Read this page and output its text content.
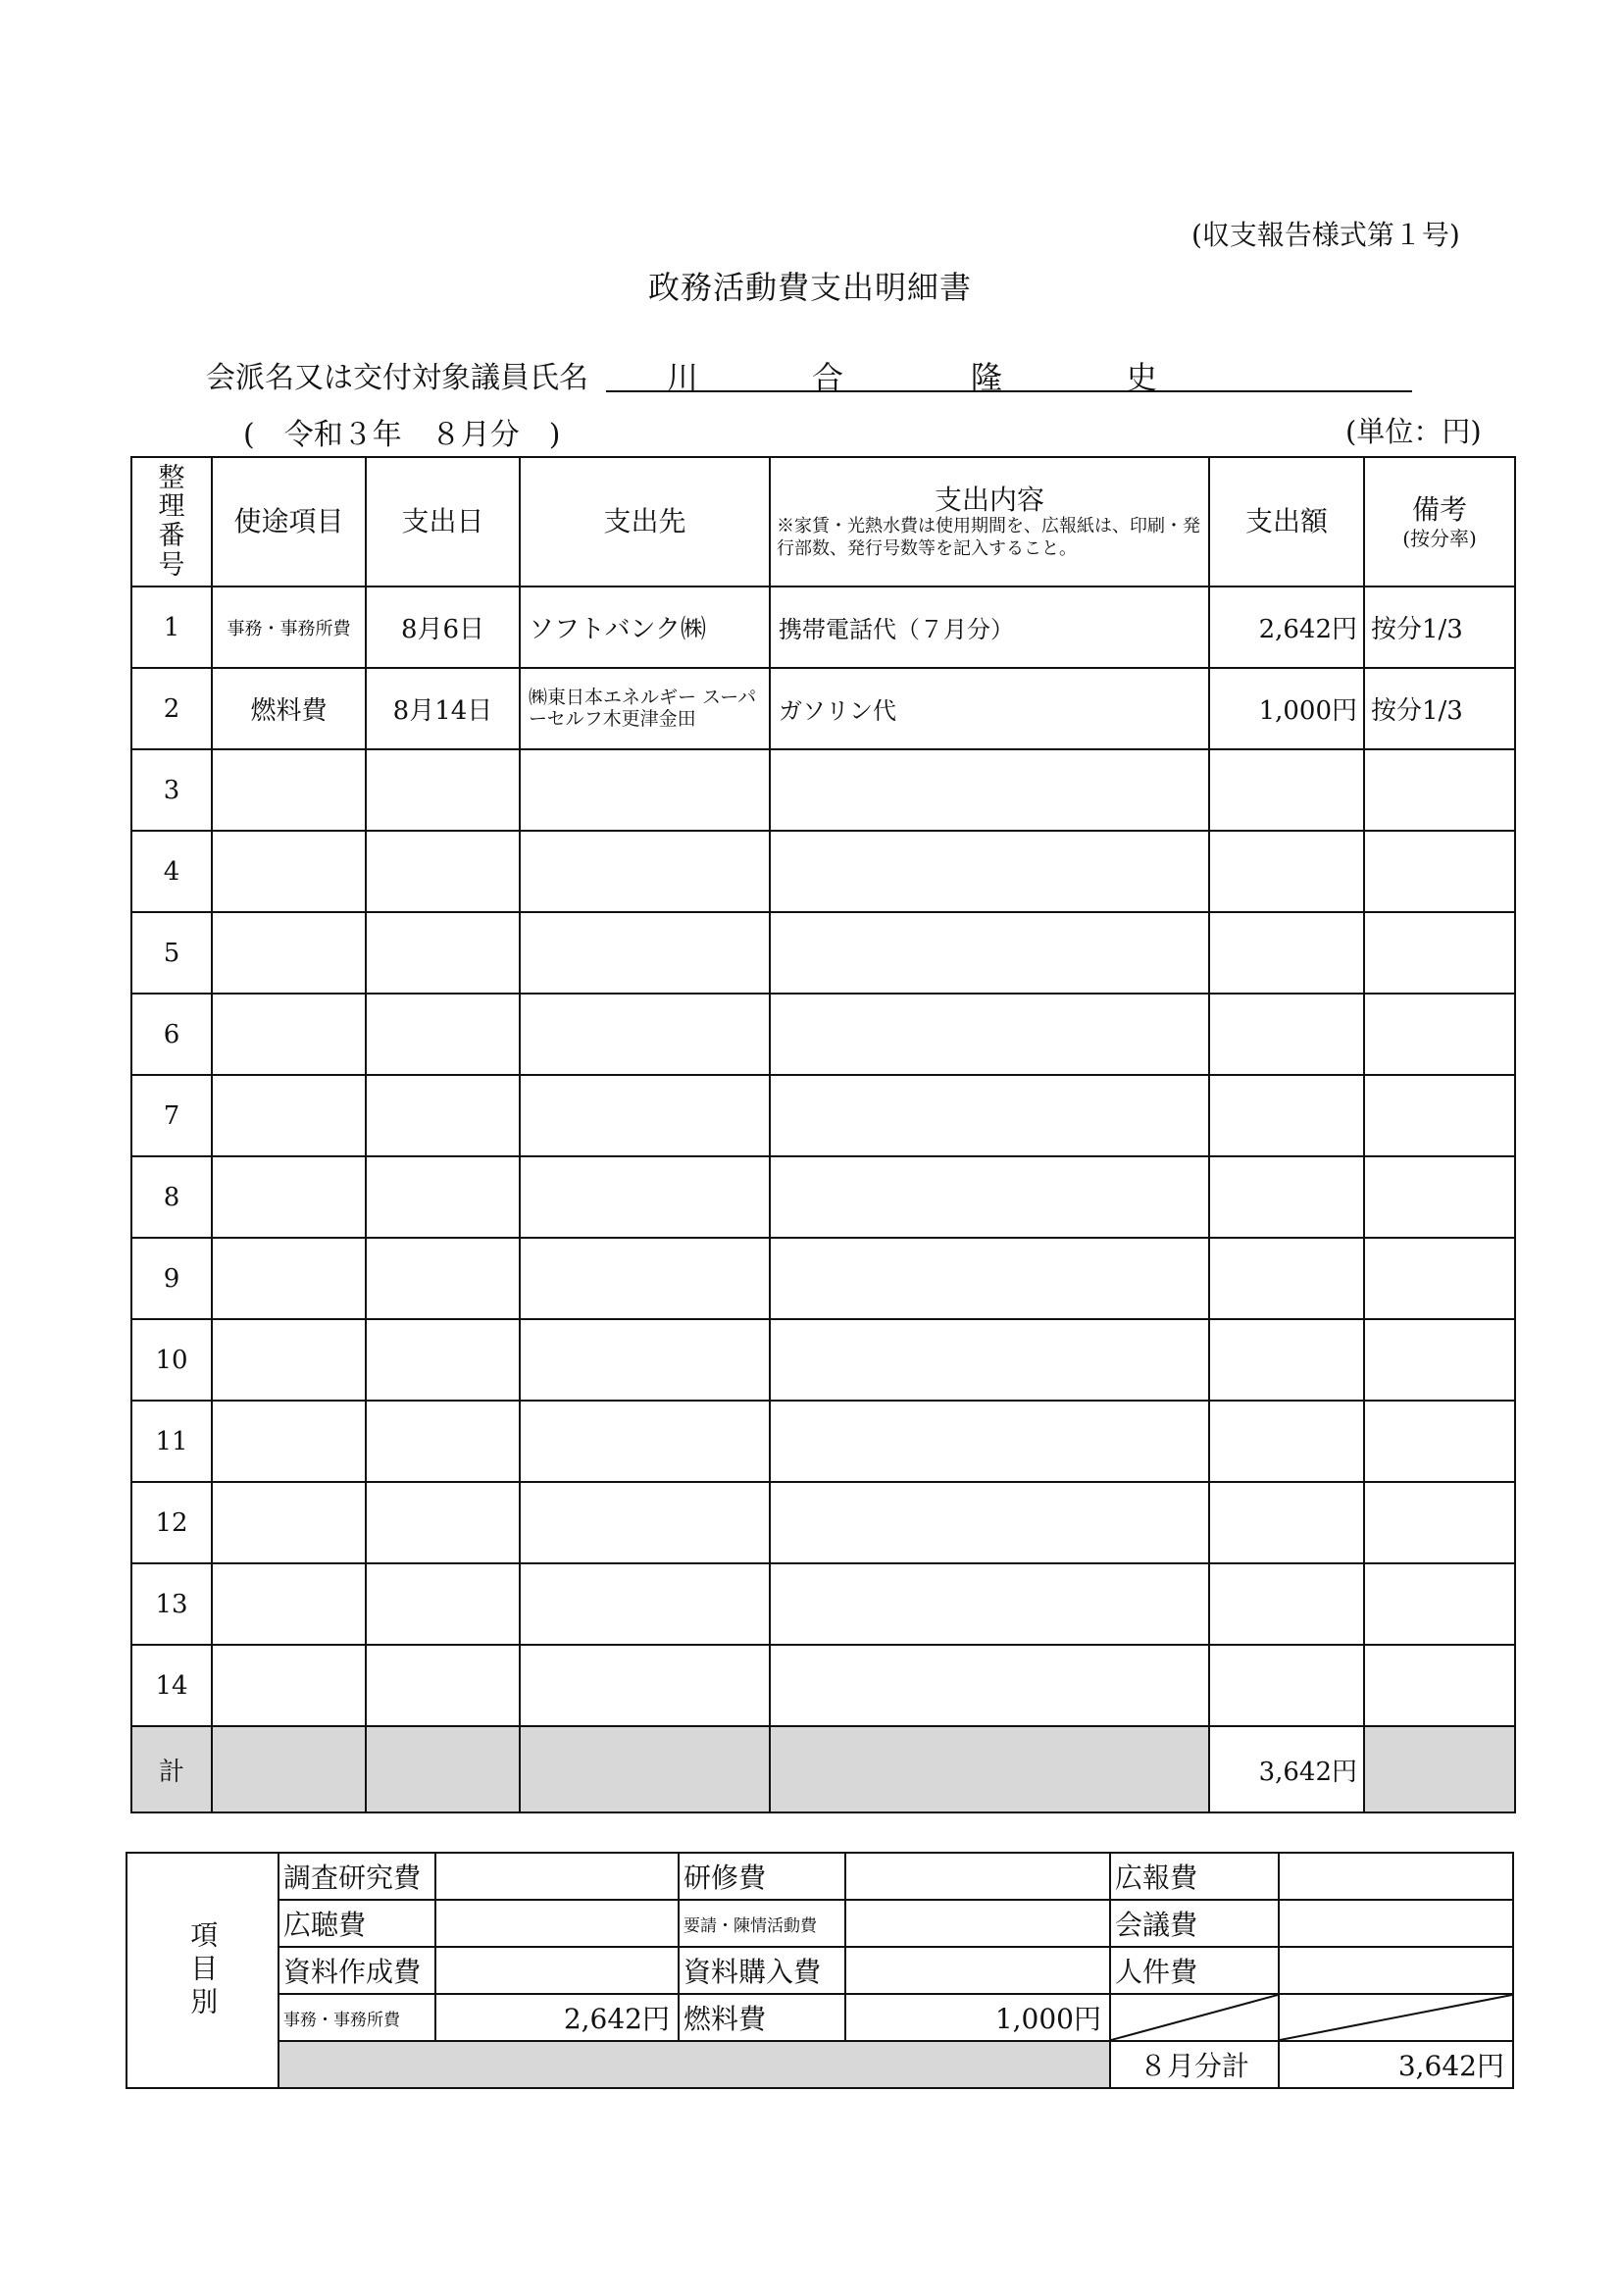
(収支報告様式第１号)
政務活動費支出明細書
会派名又は交付対象議員氏名	川	合	隆	史
(　令和３年　８月分　)	(単位：円)
整理番号	使途項目	支出日	支出先	支出内容
※家賃・光熱水費は使用期間を、広報紙は、印刷・発行部数、発行号数等を記入すること。	支出額	備考
(按分率)

1	事務・事務所費	8月6日	ソフトバンク㈱	携帯電話代（７月分）	2,642円	按分1/3
2	燃料費	8月14日	㈱東日本エネルギー スーパーセルフ木更津金田	ガソリン代	1,000円	按分1/3
3						
4						
5						
6						
7						
8						
9						
10						
11						
12						
13						
14						
計					3,642円	
項目別	調査研究費		研修費		広報費	
	広聴費		要請・陳情活動費		会議費	
	資料作成費		資料購入費		人件費	
	事務・事務所費	2,642円	燃料費	1,000円	

					８月分計	3,642円
